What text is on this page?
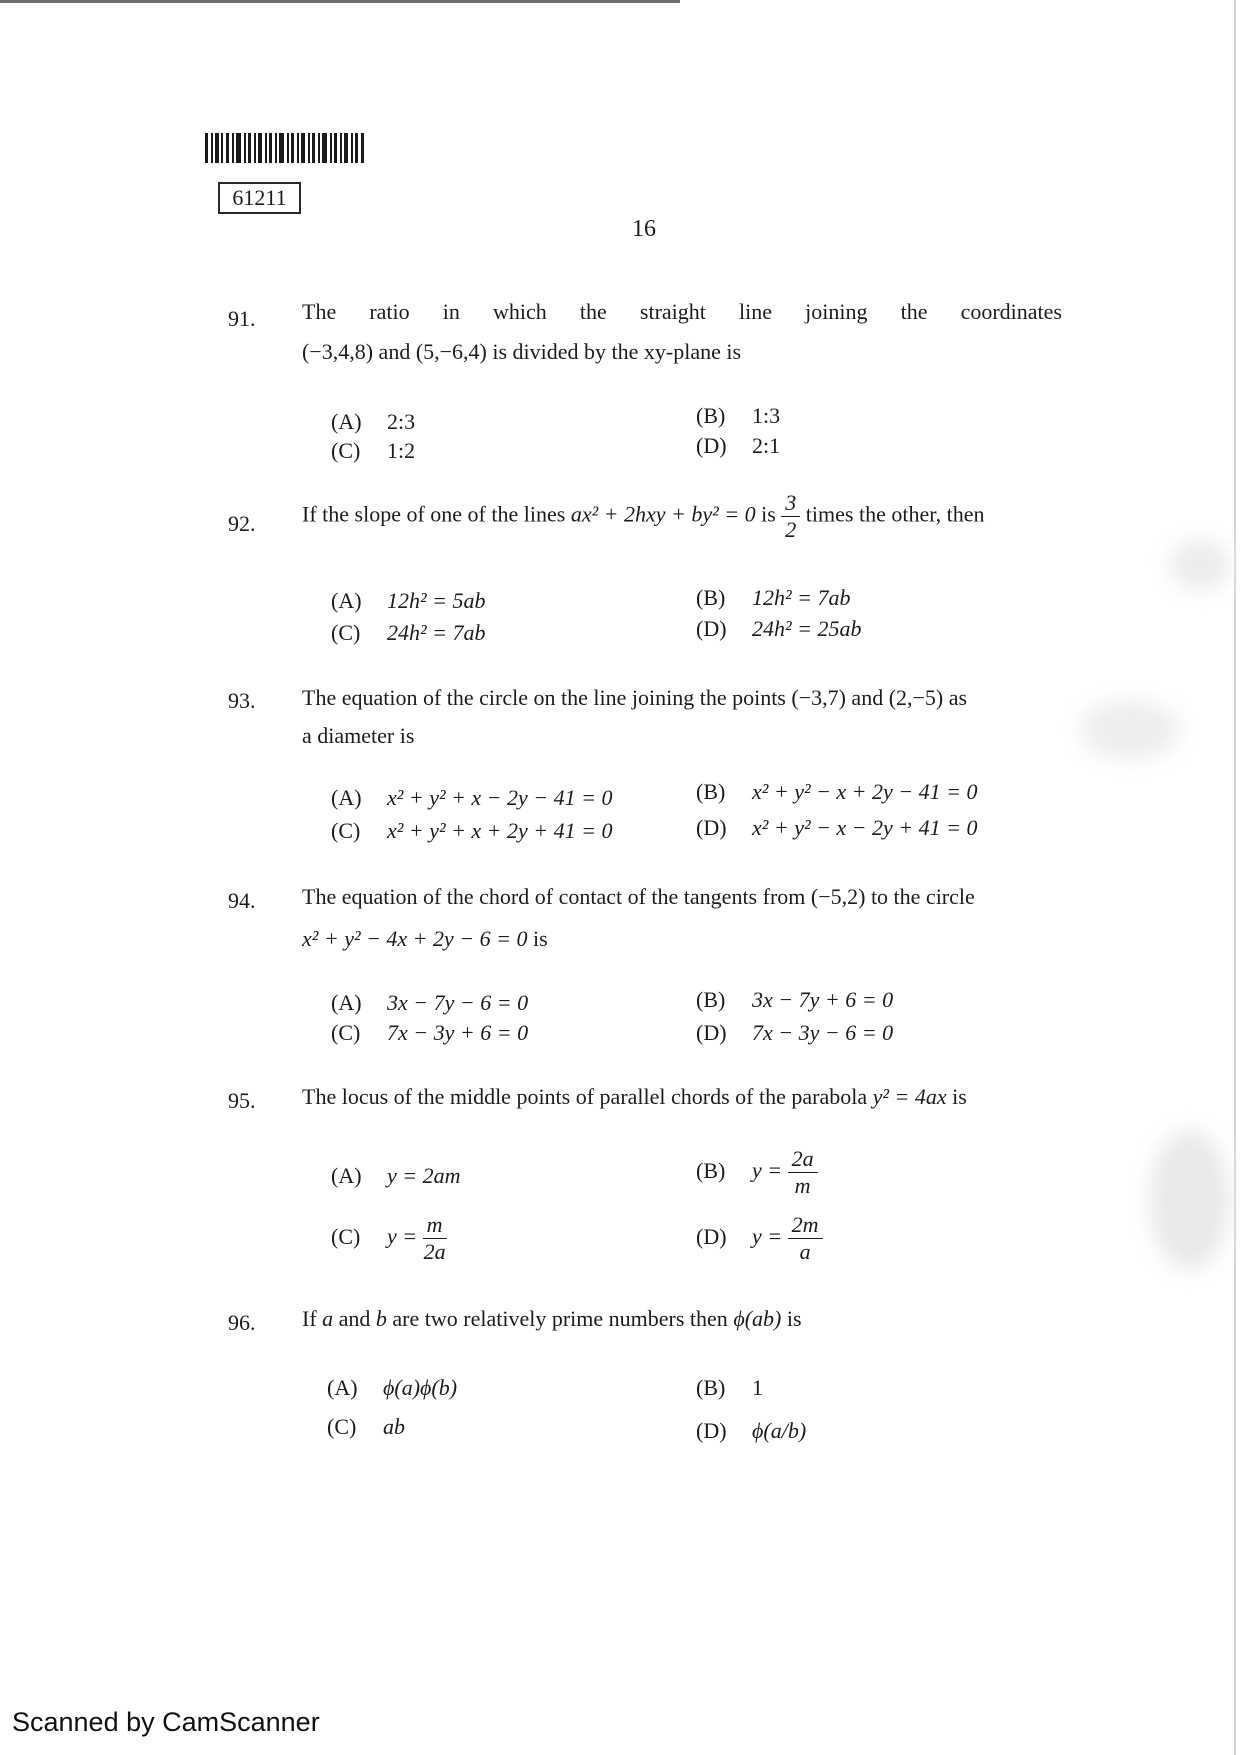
61211
16
91. The ratio in which the straight line joining the coordinates
(−3,4,8) and (5,−6,4) is divided by the xy-plane is
(A) 2:3	(B) 1:3
(C) 1:2	(D) 2:1
92. If the slope of one of the lines ax² + 2hxy + by² = 0 is $\frac{3}{2}$ times the other, then
(A) 12h² = 5ab	(B) 12h² = 7ab
(C) 24h² = 7ab	(D) 24h² = 25ab
93. The equation of the circle on the line joining the points (−3,7) and (2,−5) as
a diameter is
(A) x² + y² + x − 2y − 41 = 0	(B) x² + y² − x + 2y − 41 = 0
(C) x² + y² + x + 2y + 41 = 0	(D) x² + y² − x − 2y + 41 = 0
94. The equation of the chord of contact of the tangents from (−5,2) to the circle
x² + y² − 4x + 2y − 6 = 0 is
(A) 3x − 7y − 6 = 0	(B) 3x − 7y + 6 = 0
(C) 7x − 3y + 6 = 0	(D) 7x − 3y − 6 = 0
95. The locus of the middle points of parallel chords of the parabola y² = 4ax is
(A) y = 2am	(B) $y = \frac{2a}{m}$
(C) $y = \frac{m}{2a}$	(D) $y = \frac{2m}{a}$
96. If a and b are two relatively prime numbers then ϕ(ab) is
(A) ϕ(a)ϕ(b)	(B) 1
(C) ab	(D) ϕ(a/b)
Scanned by CamScanner
